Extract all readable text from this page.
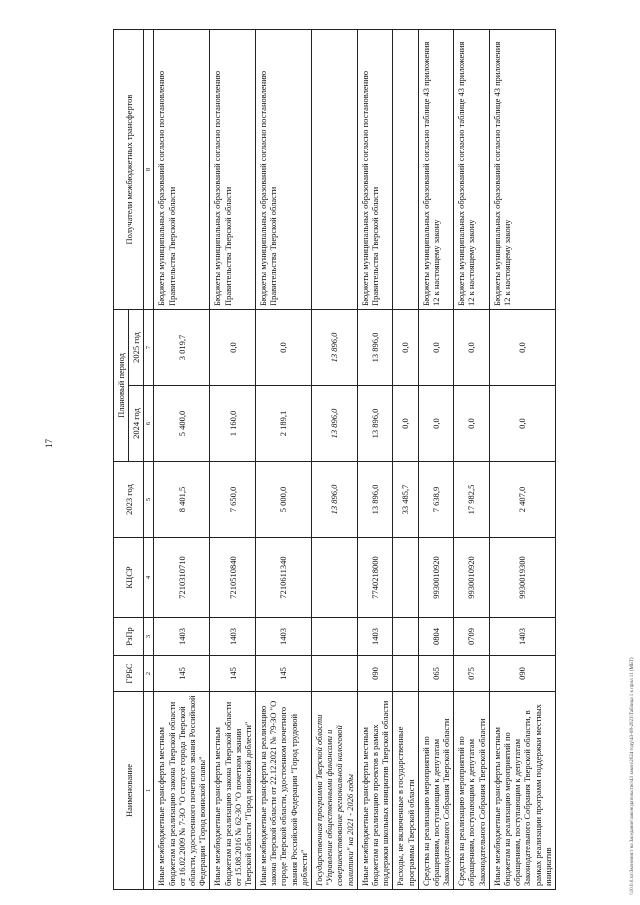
17
\\10.0.0.xx\Зкономист на Заседание\законодательство\43 закон\2024 году\43-08-2023\Таблица 1 к прил 11 (МБТ)
Наименование	ГРБС	РзПр	КЦСР	2023 год	Плановый период		Получатели межбюджетных трансфертов
					2024 год	2025 год	
1	2	3	4	5	6	7	8
Иные межбюджетные трансферты местным бюджетам на реализацию закона Тверской области от 16.02.2009 № 7-ЗО "О статусе города Тверской области, удостоенного почетного звания Российской Федерации "Город воинской славы"	145	1403	7210310710	8 401,5	5 400,0	3 019,7	Бюджеты муниципальных образований согласно постановлению Правительства Тверской области
Иные межбюджетные трансферты местным бюджетам на реализацию закона Тверской области от 15.08.2016 № 62-ЗО "О почетном звании Тверской области "Город воинской доблести"	145	1403	7210510840	7 650,0	1 160,0	0,0	Бюджеты муниципальных образований согласно постановлению Правительства Тверской области
Иные межбюджетные трансферты на реализацию закона Тверской области от 22.12.2021 № 79-ЗО "О городе Тверской области, удостоенном почетного звания Российской Федерации "Город трудовой доблести"	145	1403	7210611340	5 000,0	2 189,1	0,0	Бюджеты муниципальных образований согласно постановлению Правительства Тверской области
Государственная программа Тверской области "Управление общественными финансами и совершенствование региональной налоговой политики" на 2021 - 2026 годы				13 896,0	13 896,0	13 896,0	
Иные межбюджетные трансферты местным бюджетам на реализацию проектов в рамках поддержки школьных инициатив Тверской области	090	1403	7740218000	13 896,0	13 896,0	13 896,0	Бюджеты муниципальных образований согласно постановлению Правительства Тверской области
Расходы, не включенные в государственные программы Тверской области				33 485,7	0,0	0,0	
Средства на реализацию мероприятий по обращениям, поступающим к депутатам Законодательного Собрания Тверской области	065	0804	9930010920	7 638,9	0,0	0,0	Бюджеты муниципальных образований согласно таблице 43 приложения 12 к настоящему закону
Средства на реализацию мероприятий по обращениям, поступающим к депутатам Законодательного Собрания Тверской области	075	0709	9930010920	17 982,5	0,0	0,0	Бюджеты муниципальных образований согласно таблице 43 приложения 12 к настоящему закону
Иные межбюджетные трансферты местным бюджетам на реализацию мероприятий по обращениям, поступающим к депутатам Законодательного Собрания Тверской области, в рамках реализации программ поддержки местных инициатив	090	1403	9930019300	2 407,0	0,0	0,0	Бюджеты муниципальных образований согласно таблице 43 приложения 12 к настоящему закону
